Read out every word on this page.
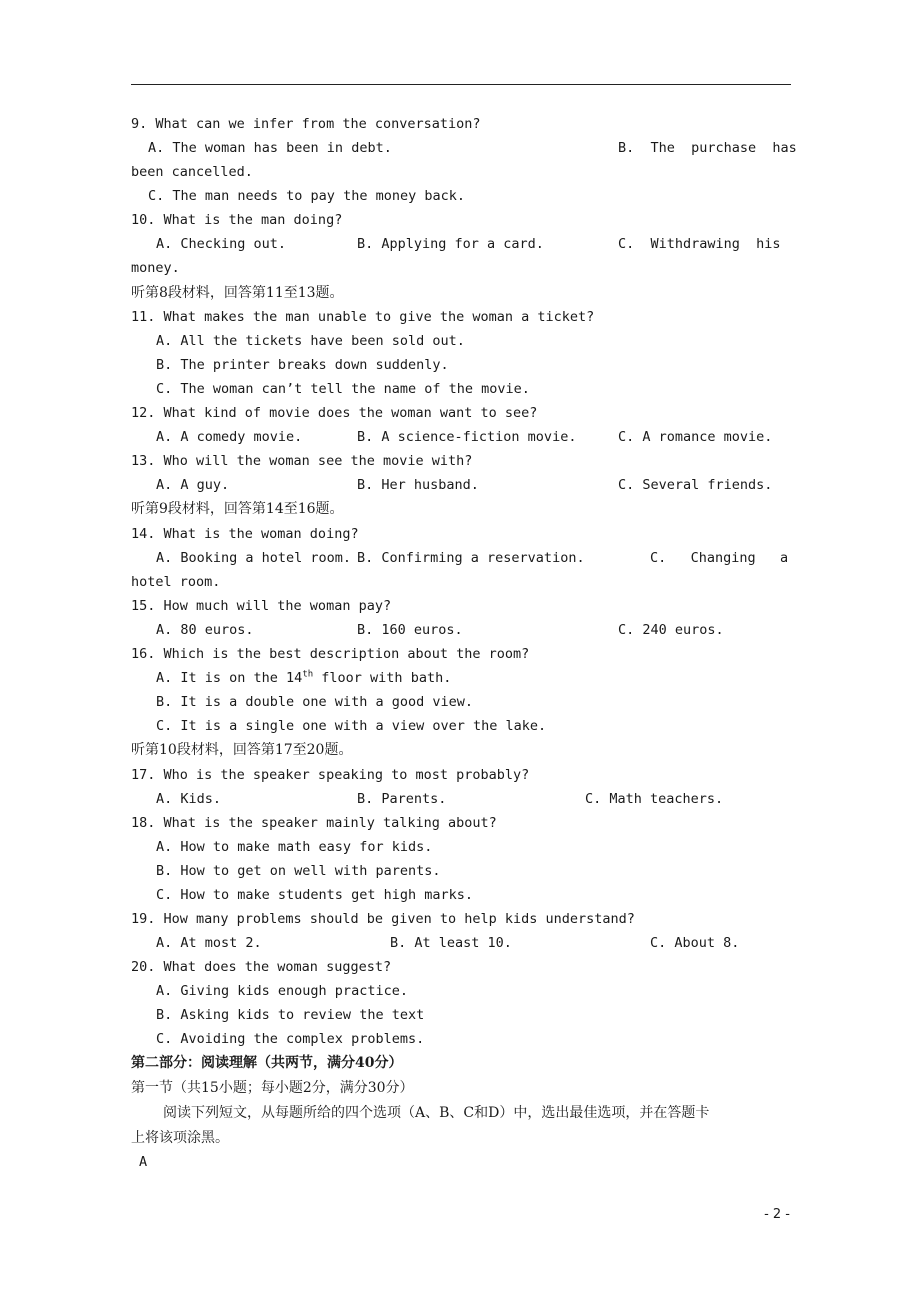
9. What can we infer from the conversation?
A. The woman has been in debt.	B.  The  purchase  has
been cancelled.
C. The man needs to pay the money back.
10. What is the man doing?
A. Checking out.	B. Applying for a card.	C.  Withdrawing  his
money.
听第8段材料，回答第11至13题。
11. What makes the man unable to give the woman a ticket?
A. All the tickets have been sold out.
B. The printer breaks down suddenly.
C. The woman can’t tell the name of the movie.
12. What kind of movie does the woman want to see?
A. A comedy movie.	B. A science-fiction movie.	C. A romance movie.
13. Who will the woman see the movie with?
A. A guy.	B. Her husband.	C. Several friends.
听第9段材料，回答第14至16题。
14. What is the woman doing?
A. Booking a hotel room. B. Confirming a reservation.	C.   Changing   a
hotel room.
15. How much will the woman pay?
A. 80 euros.	B. 160 euros.	C. 240 euros.
16. Which is the best description about the room?
A. It is on the 14th floor with bath.
B. It is a double one with a good view.
C. It is a single one with a view over the lake.
听第10段材料，回答第17至20题。
17. Who is the speaker speaking to most probably?
A. Kids.	B. Parents.	C. Math teachers.
18. What is the speaker mainly talking about?
A. How to make math easy for kids.
B. How to get on well with parents.
C. How to make students get high marks.
19. How many problems should be given to help kids understand?
A. At most 2.	B. At least 10.	C. About 8.
20. What does the woman suggest?
A. Giving kids enough practice.
B. Asking kids to review the text
C. Avoiding the complex problems.
第二部分：阅读理解（共两节，满分40分）
第一节（共15小题；每小题2分，满分30分）
阅读下列短文，从每题所给的四个选项（A、B、C和D）中，选出最佳选项，并在答题卡
上将该项涂黑。
A
- 2 -
